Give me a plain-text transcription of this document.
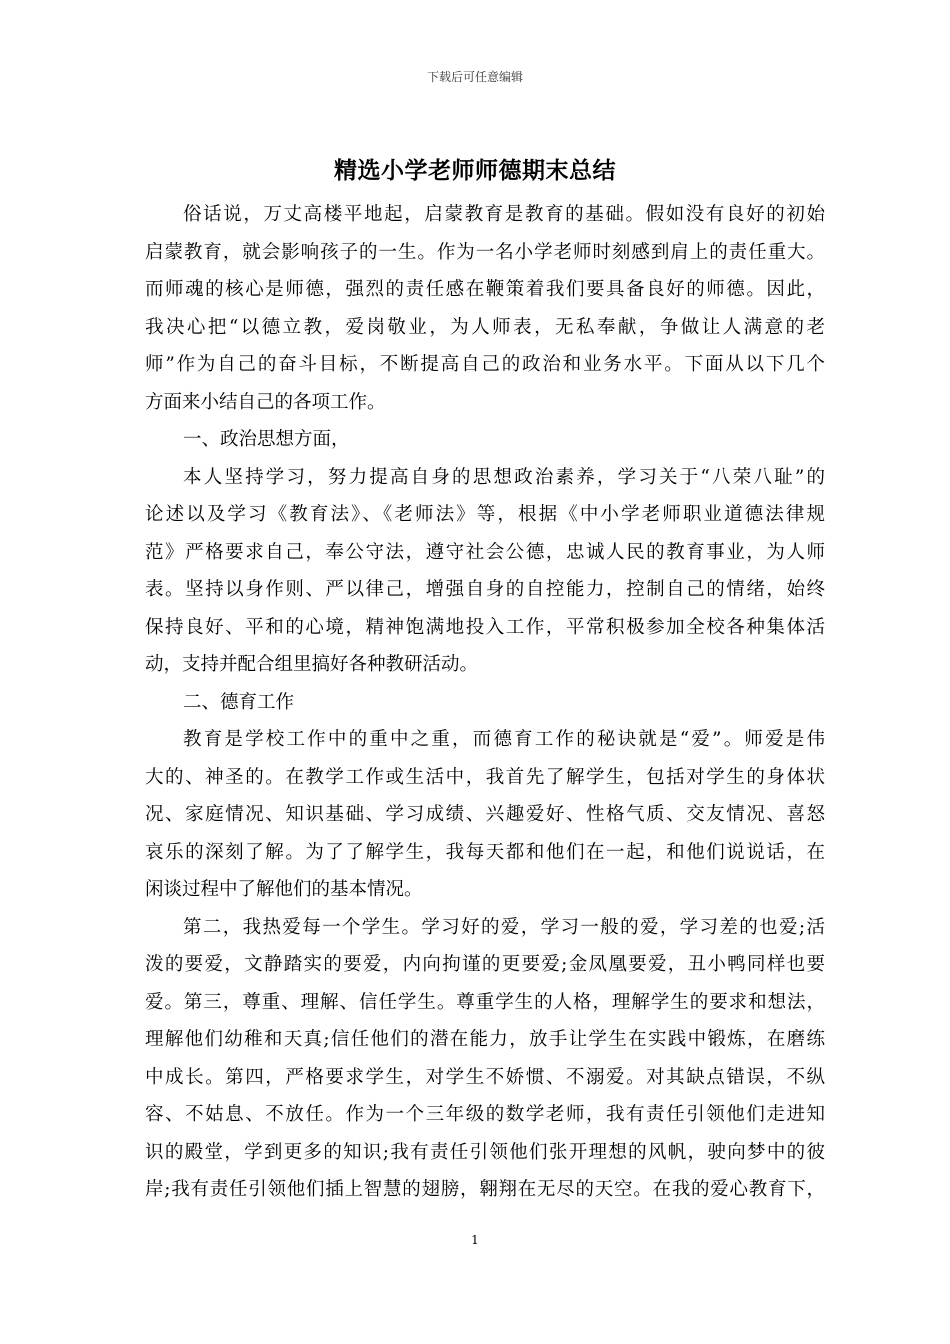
下载后可任意编辑
精选小学老师师德期末总结
俗话说，万丈高楼平地起，启蒙教育是教育的基础。假如没有良好的初始
启蒙教育，就会影响孩子的一生。作为一名小学老师时刻感到肩上的责任重大。
而师魂的核心是师德，强烈的责任感在鞭策着我们要具备良好的师德。因此，
我决心把“以德立教，爱岗敬业，为人师表，无私奉献，争做让人满意的老
师”作为自己的奋斗目标，不断提高自己的政治和业务水平。下面从以下几个
方面来小结自己的各项工作。
一、政治思想方面，
本人坚持学习，努力提高自身的思想政治素养，学习关于“八荣八耻”的
论述以及学习《教育法》、《老师法》等，根据《中小学老师职业道德法律规
范》严格要求自己，奉公守法，遵守社会公德，忠诚人民的教育事业，为人师
表。坚持以身作则、严以律己，增强自身的自控能力，控制自己的情绪，始终
保持良好、平和的心境，精神饱满地投入工作，平常积极参加全校各种集体活
动，支持并配合组里搞好各种教研活动。
二、德育工作
教育是学校工作中的重中之重，而德育工作的秘诀就是“爱”。师爱是伟
大的、神圣的。在教学工作或生活中，我首先了解学生，包括对学生的身体状
况、家庭情况、知识基础、学习成绩、兴趣爱好、性格气质、交友情况、喜怒
哀乐的深刻了解。为了了解学生，我每天都和他们在一起，和他们说说话，在
闲谈过程中了解他们的基本情况。
第二，我热爱每一个学生。学习好的爱，学习一般的爱，学习差的也爱;活
泼的要爱，文静踏实的要爱，内向拘谨的更要爱;金凤凰要爱，丑小鸭同样也要
爱。第三，尊重、理解、信任学生。尊重学生的人格，理解学生的要求和想法，
理解他们幼稚和天真;信任他们的潜在能力，放手让学生在实践中锻炼，在磨练
中成长。第四，严格要求学生，对学生不娇惯、不溺爱。对其缺点错误，不纵
容、不姑息、不放任。作为一个三年级的数学老师，我有责任引领他们走进知
识的殿堂，学到更多的知识;我有责任引领他们张开理想的风帆，驶向梦中的彼
岸;我有责任引领他们插上智慧的翅膀，翱翔在无尽的天空。在我的爱心教育下，
1
